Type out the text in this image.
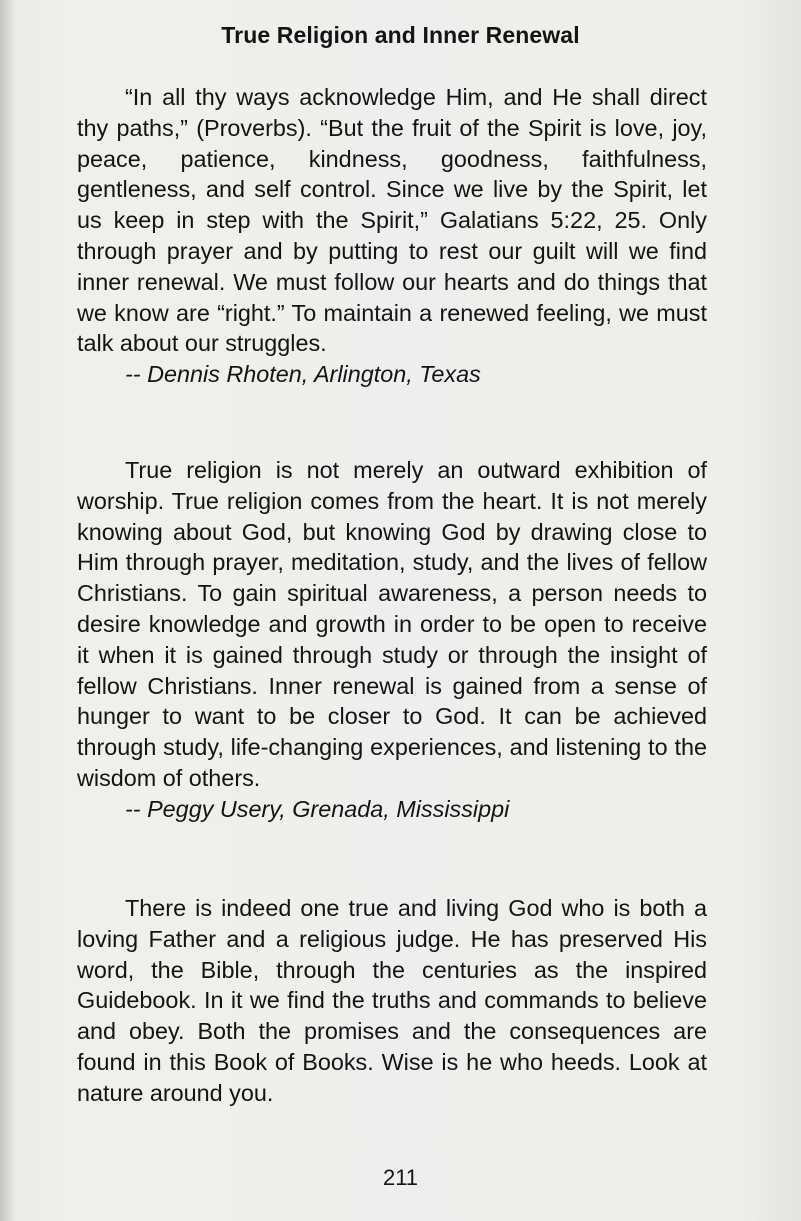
True Religion and Inner Renewal

“In all thy ways acknowledge Him, and He shall direct thy paths,” (Proverbs). “But the fruit of the Spirit is love, joy, peace, patience, kindness, goodness, faithfulness, gentleness, and self control. Since we live by the Spirit, let us keep in step with the Spirit,” Galatians 5:22, 25. Only through prayer and by putting to rest our guilt will we find inner renewal. We must follow our hearts and do things that we know are “right.” To maintain a renewed feeling, we must talk about our struggles.

-- Dennis Rhoten, Arlington, Texas

True religion is not merely an outward exhibition of worship. True religion comes from the heart. It is not merely knowing about God, but knowing God by drawing close to Him through prayer, meditation, study, and the lives of fellow Christians. To gain spiritual awareness, a person needs to desire knowledge and growth in order to be open to receive it when it is gained through study or through the insight of fellow Christians. Inner renewal is gained from a sense of hunger to want to be closer to God. It can be achieved through study, life-changing experiences, and listening to the wisdom of others.

-- Peggy Usery, Grenada, Mississippi

There is indeed one true and living God who is both a loving Father and a religious judge. He has preserved His word, the Bible, through the centuries as the inspired Guidebook. In it we find the truths and commands to believe and obey. Both the promises and the consequences are found in this Book of Books. Wise is he who heeds. Look at nature around you.

211
